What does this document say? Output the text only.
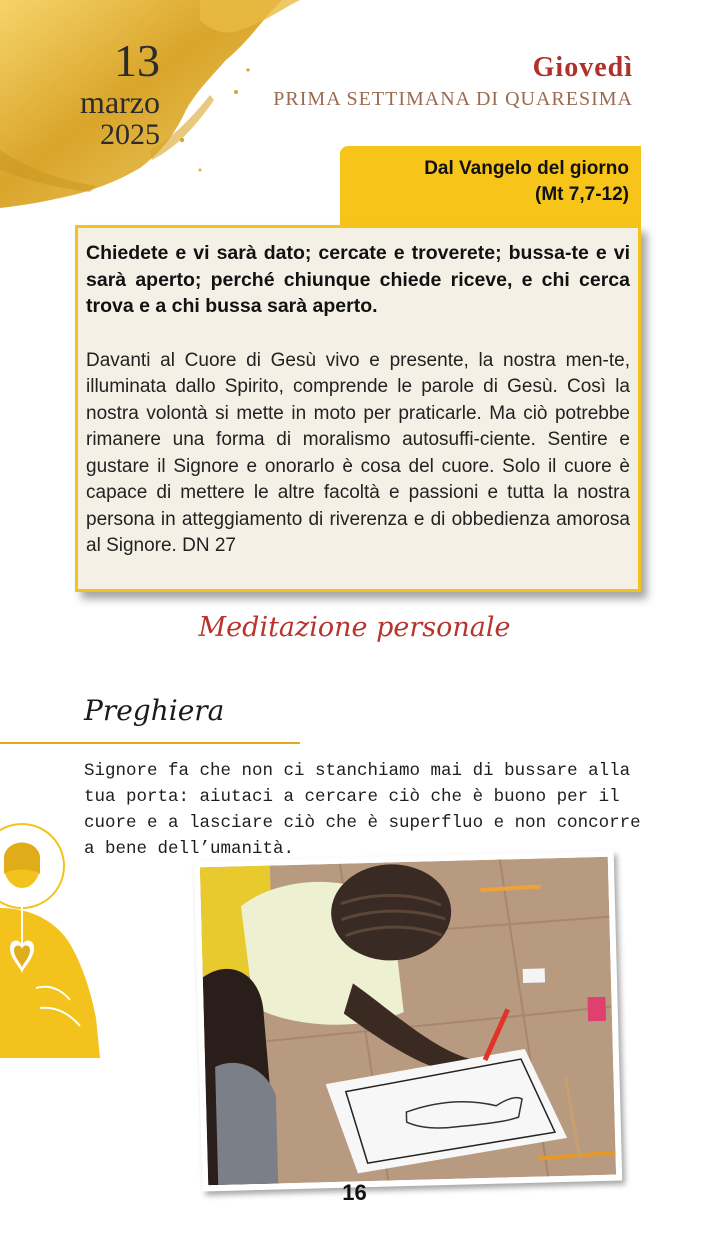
13
marzo
2025
Giovedì
PRIMA SETTIMANA DI QUARESIMA
Dal Vangelo del giorno
(Mt 7,7-12)

Chiedete e vi sarà dato; cercate e troverete; bussa-te e vi sarà aperto; perché chiunque chiede riceve, e chi cerca trova e a chi bussa sarà aperto.

Davanti al Cuore di Gesù vivo e presente, la nostra men-te, illuminata dallo Spirito, comprende le parole di Gesù. Così la nostra volontà si mette in moto per praticarle. Ma ciò potrebbe rimanere una forma di moralismo autosuffi-ciente. Sentire e gustare il Signore e onorarlo è cosa del cuore. Solo il cuore è capace di mettere le altre facoltà e passioni e tutta la nostra persona in atteggiamento di riverenza e di obbedienza amorosa al Signore. DN 27

Meditazione personale
Preghiera

Signore fa che non ci stanchiamo mai di bussare alla tua porta: aiutaci a cercare ciò che è buono per il cuore e a lasciare ciò che è superfluo e non concorre a bene dell’umanità.

16
